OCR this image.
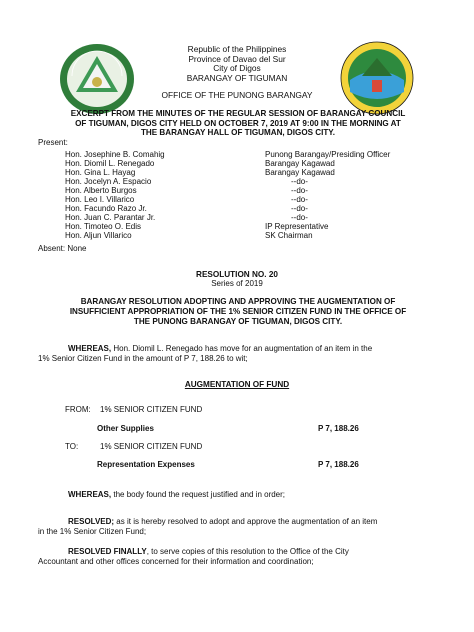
Republic of the Philippines
Province of Davao del Sur
City of Digos
BARANGAY OF TIGUMAN
OFFICE OF THE PUNONG BARANGAY
EXCERPT FROM THE MINUTES OF THE REGULAR SESSION OF BARANGAY COUNCIL
OF TIGUMAN, DIGOS CITY HELD ON OCTOBER 7, 2019 AT 9:00 IN THE MORNING AT
THE BARANGAY HALL OF TIGUMAN, DIGOS CITY.
Present:
Hon. Josephine B. Comahig	Punong Barangay/Presiding Officer
Hon. Diomil L. Renegado	Barangay Kagawad
Hon. Gina L. Hayag	Barangay Kagawad
Hon. Jocelyn A. Espacio	--do-
Hon. Alberto Burgos	--do-
Hon. Leo I. Villarico	--do-
Hon. Facundo Razo Jr.	--do-
Hon. Juan C. Parantar Jr.	--do-
Hon. Timoteo O. Edis	IP Representative
Hon. Aljun Villarico	SK Chairman
Absent: None
RESOLUTION NO. 20
Series of 2019
BARANGAY RESOLUTION ADOPTING AND APPROVING THE AUGMENTATION OF
INSUFFICIENT APPROPRIATION OF THE 1% SENIOR CITIZEN FUND IN THE OFFICE OF
THE PUNONG BARANGAY OF TIGUMAN, DIGOS CITY.
WHEREAS, Hon. Diomil L. Renegado has move for an augmentation of an item in the
1% Senior Citizen Fund in the amount of P 7, 188.26 to wit;
AUGMENTATION OF FUND
FROM: 1% SENIOR CITIZEN FUND
Other Supplies	P 7, 188.26
TO:	1% SENIOR CITIZEN FUND
Representation Expenses	P 7, 188.26
WHEREAS, the body found the request justified and in order;
RESOLVED; as it is hereby resolved to adopt and approve the augmentation of an item
in the 1% Senior Citizen Fund;
RESOLVED FINALLY, to serve copies of this resolution to the Office of the City
Accountant and other offices concerned for their information and coordination;
